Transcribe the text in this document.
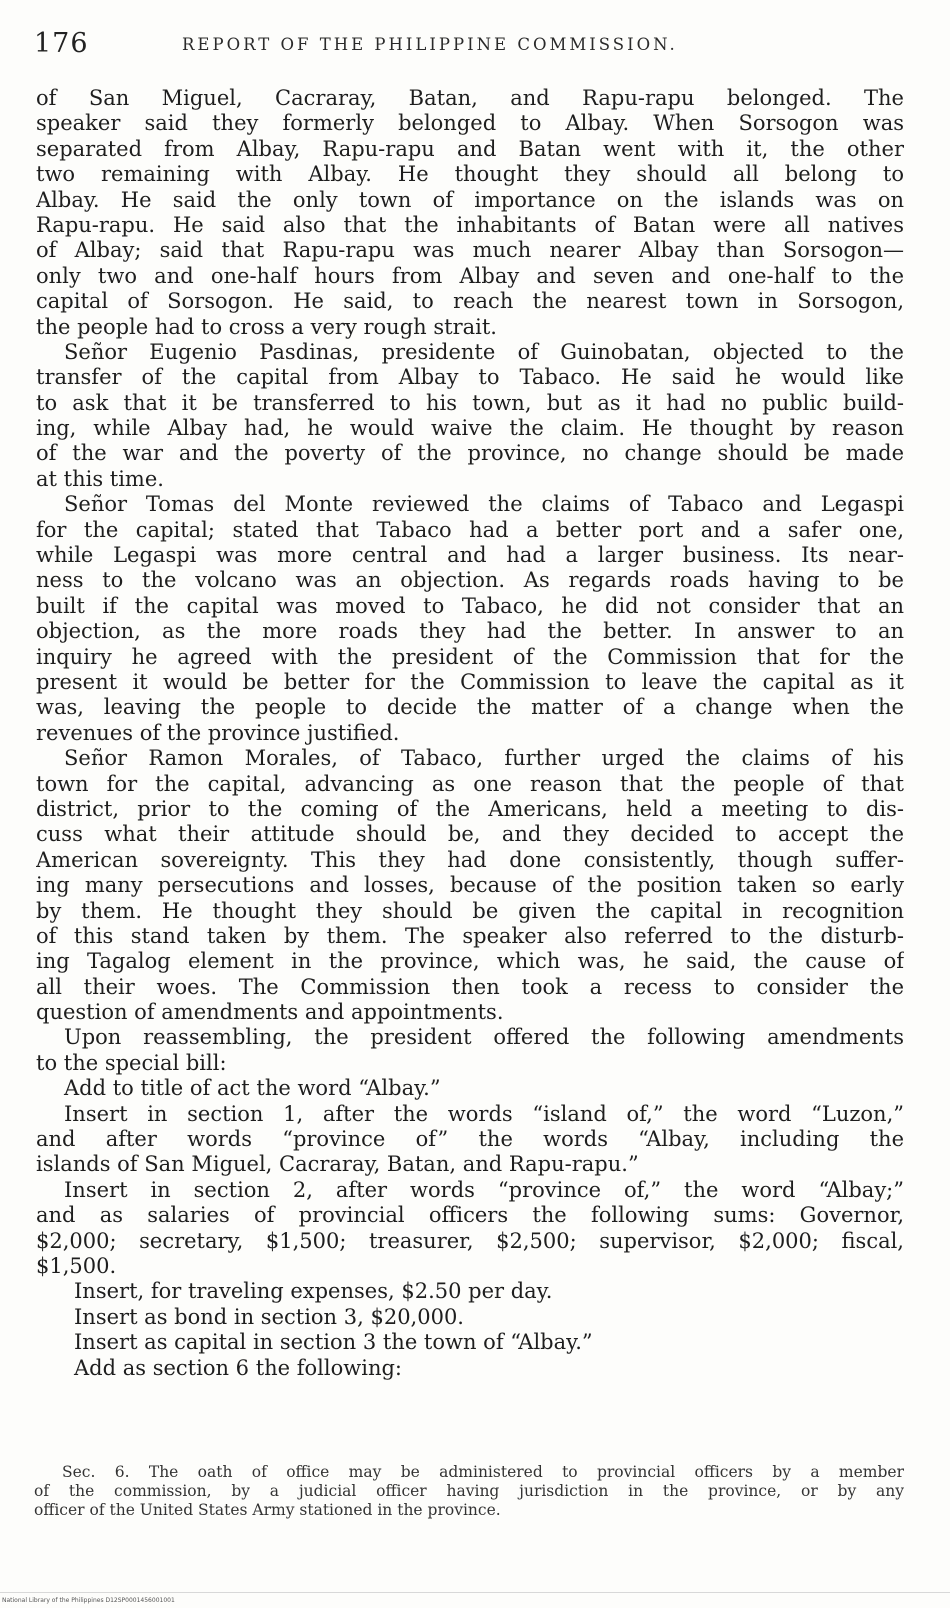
176	REPORT OF THE PHILIPPINE COMMISSION.
of San Miguel, Cacraray, Batan, and Rapu-rapu belonged. The
speaker said they formerly belonged to Albay. When Sorsogon was
separated from Albay, Rapu-rapu and Batan went with it, the other
two remaining with Albay. He thought they should all belong to
Albay. He said the only town of importance on the islands was on
Rapu-rapu. He said also that the inhabitants of Batan were all natives
of Albay; said that Rapu-rapu was much nearer Albay than Sorsogon—
only two and one-half hours from Albay and seven and one-half to the
capital of Sorsogon. He said, to reach the nearest town in Sorsogon,
the people had to cross a very rough strait.
Señor Eugenio Pasdinas, presidente of Guinobatan, objected to the
transfer of the capital from Albay to Tabaco. He said he would like
to ask that it be transferred to his town, but as it had no public build-
ing, while Albay had, he would waive the claim. He thought by reason
of the war and the poverty of the province, no change should be made
at this time.
Señor Tomas del Monte reviewed the claims of Tabaco and Legaspi
for the capital; stated that Tabaco had a better port and a safer one,
while Legaspi was more central and had a larger business. Its near-
ness to the volcano was an objection. As regards roads having to be
built if the capital was moved to Tabaco, he did not consider that an
objection, as the more roads they had the better. In answer to an
inquiry he agreed with the president of the Commission that for the
present it would be better for the Commission to leave the capital as it
was, leaving the people to decide the matter of a change when the
revenues of the province justified.
Señor Ramon Morales, of Tabaco, further urged the claims of his
town for the capital, advancing as one reason that the people of that
district, prior to the coming of the Americans, held a meeting to dis-
cuss what their attitude should be, and they decided to accept the
American sovereignty. This they had done consistently, though suffer-
ing many persecutions and losses, because of the position taken so early
by them. He thought they should be given the capital in recognition
of this stand taken by them. The speaker also referred to the disturb-
ing Tagalog element in the province, which was, he said, the cause of
all their woes. The Commission then took a recess to consider the
question of amendments and appointments.
Upon reassembling, the president offered the following amendments
to the special bill:
Add to title of act the word “Albay.”
Insert in section 1, after the words “island of,” the word “Luzon,”
and after words “province of” the words “Albay, including the
islands of San Miguel, Cacraray, Batan, and Rapu-rapu.”
Insert in section 2, after words “province of,” the word “Albay;”
and as salaries of provincial officers the following sums: Governor,
$2,000; secretary, $1,500; treasurer, $2,500; supervisor, $2,000; fiscal,
$1,500.
Insert, for traveling expenses, $2.50 per day.
Insert as bond in section 3, $20,000.
Insert as capital in section 3 the town of “Albay.”
Add as section 6 the following:
Sec. 6. The oath of office may be administered to provincial officers by a member
of the commission, by a judicial officer having jurisdiction in the province, or by any
officer of the United States Army stationed in the province.
National Library of the Philippines D12SP0001456001001
